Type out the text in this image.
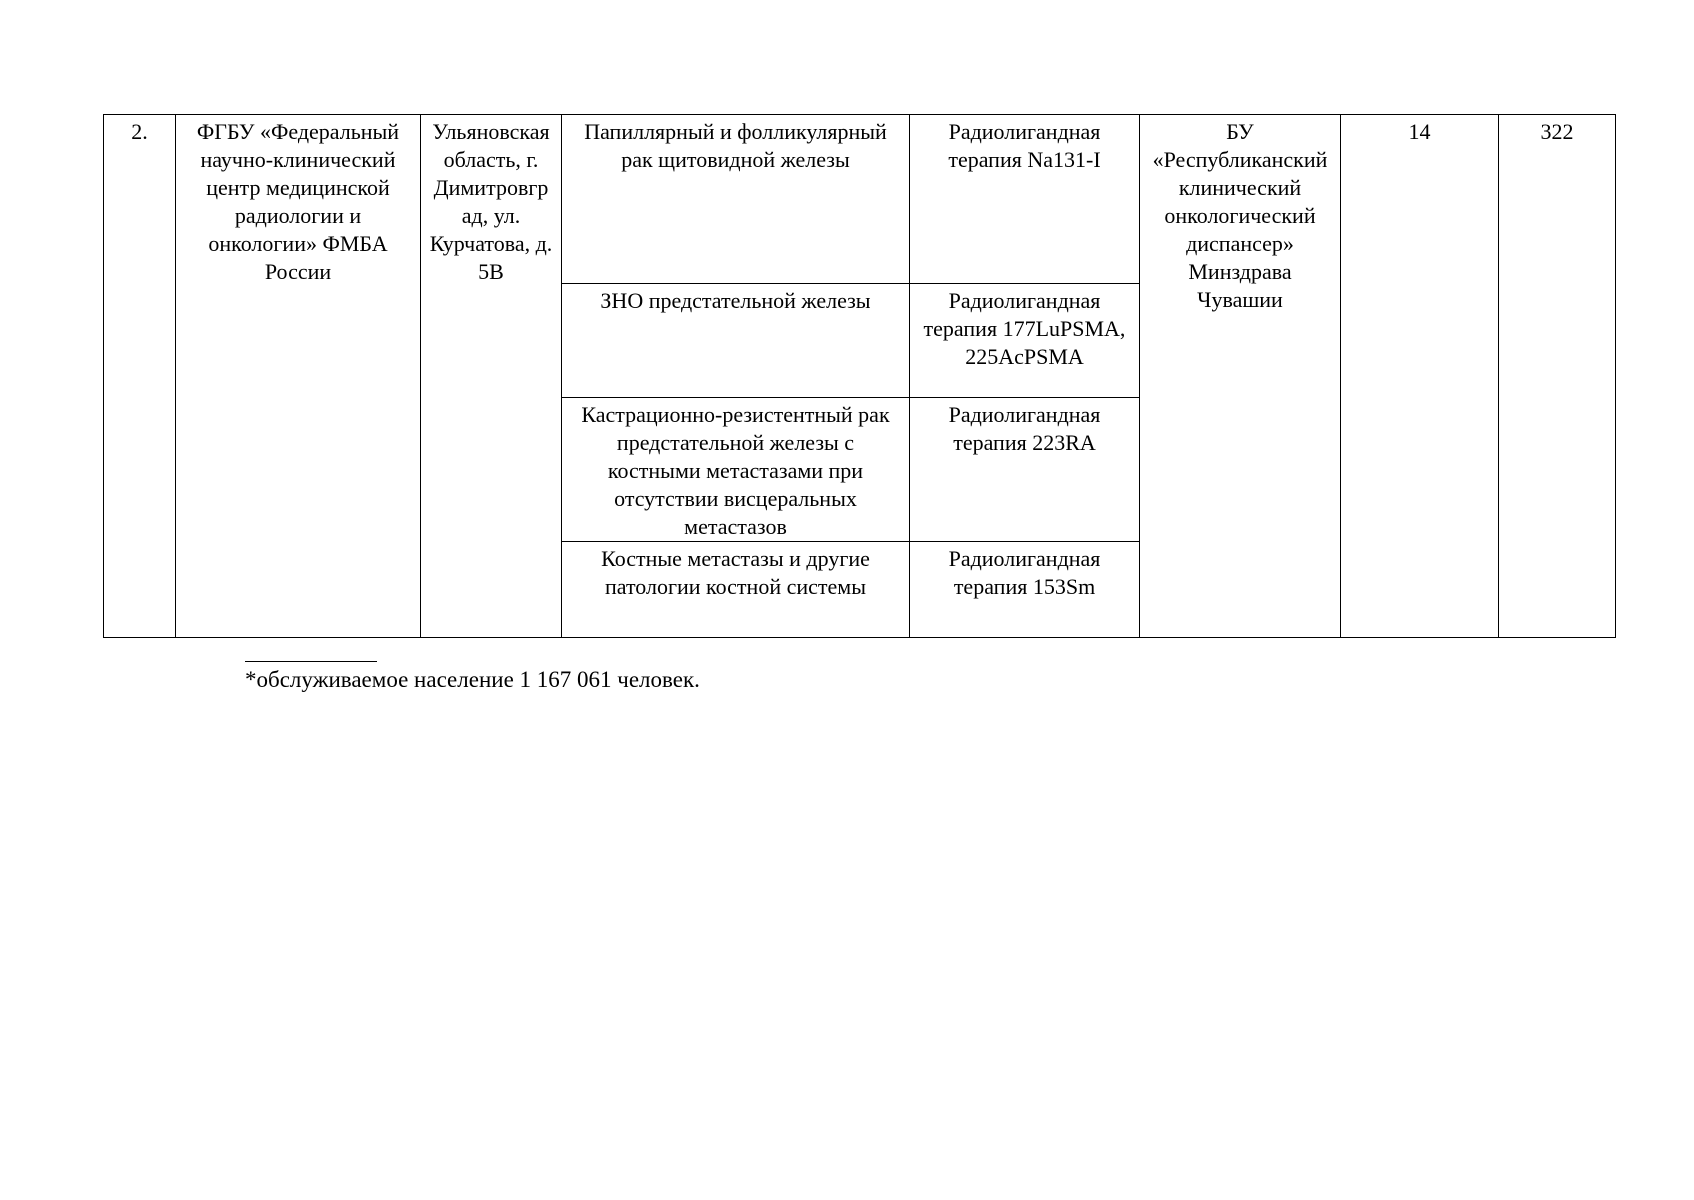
2.	ФГБУ «Федеральный научно-клинический центр медицинской радиологии и онкологии» ФМБА России	Ульяновская область, г. Димитровград, ул. Курчатова, д. 5В	Папиллярный и фолликулярный рак щитовидной железы	Радиолигандная терапия Na131-I	БУ «Республиканский клинический онкологический диспансер» Минздрава Чувашии	14	322
			ЗНО предстательной железы	Радиолигандная терапия 177LuPSMA, 225AcPSMA			
			Кастрационно-резистентный рак предстательной железы с костными метастазами при отсутствии висцеральных метастазов	Радиолигандная терапия 223RA			
			Костные метастазы и другие патологии костной системы	Радиолигандная терапия 153Sm			
*обслуживаемое население 1 167 061 человек.
